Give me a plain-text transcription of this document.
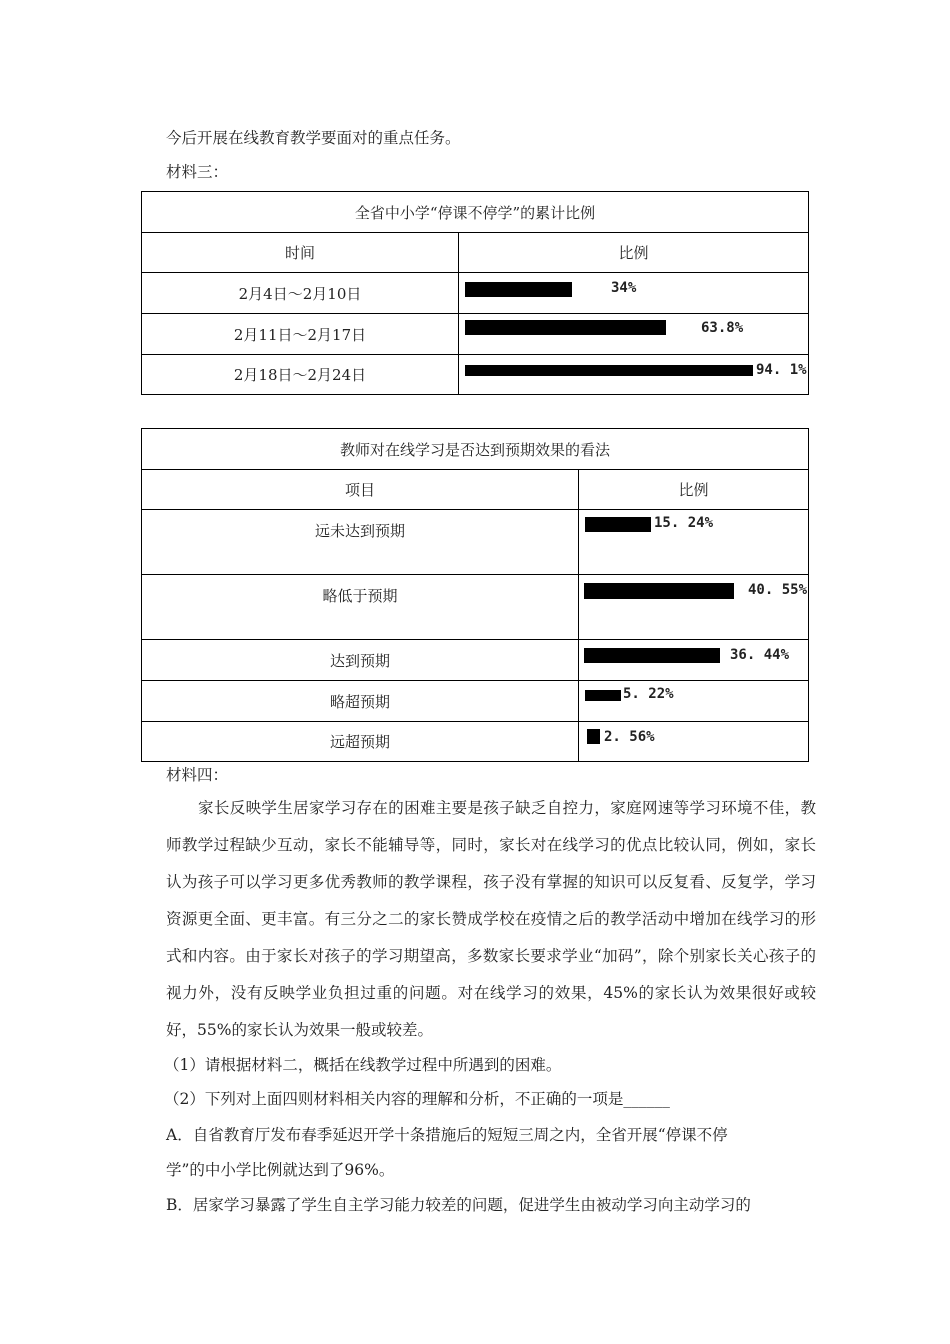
今后开展在线教育教学要面对的重点任务。
材料三：
全省中小学“停课不停学”的累计比例	
时间	比例
2月4日～2月10日	34%

2月11日～2月17日	63.8%

2月18日～2月24日	94. 1%
教师对在线学习是否达到预期效果的看法	
项目	比例

远未达到预期	15. 24%

略低于预期	40. 55%

达到预期	36. 44%

略超预期	5. 22%

远超预期	2. 56%
材料四：
家长反映学生居家学习存在的困难主要是孩子缺乏自控力，家庭网速等学习环境不佳，教师教学过程缺少互动，家长不能辅导等，同时，家长对在线学习的优点比较认同，例如，家长认为孩子可以学习更多优秀教师的教学课程，孩子没有掌握的知识可以反复看、反复学，学习资源更全面、更丰富。有三分之二的家长赞成学校在疫情之后的教学活动中增加在线学习的形式和内容。由于家长对孩子的学习期望高，多数家长要求学业“加码”，除个别家长关心孩子的视力外，没有反映学业负担过重的问题。对在线学习的效果，45%的家长认为效果很好或较好，55%的家长认为效果一般或较差。
（1）请根据材料二，概括在线教学过程中所遇到的困难。
（2）下列对上面四则材料相关内容的理解和分析，不正确的一项是______
A．自省教育厅发布春季延迟开学十条措施后的短短三周之内，全省开展“停课不停
学”的中小学比例就达到了96%。
B．居家学习暴露了学生自主学习能力较差的问题，促进学生由被动学习向主动学习的
